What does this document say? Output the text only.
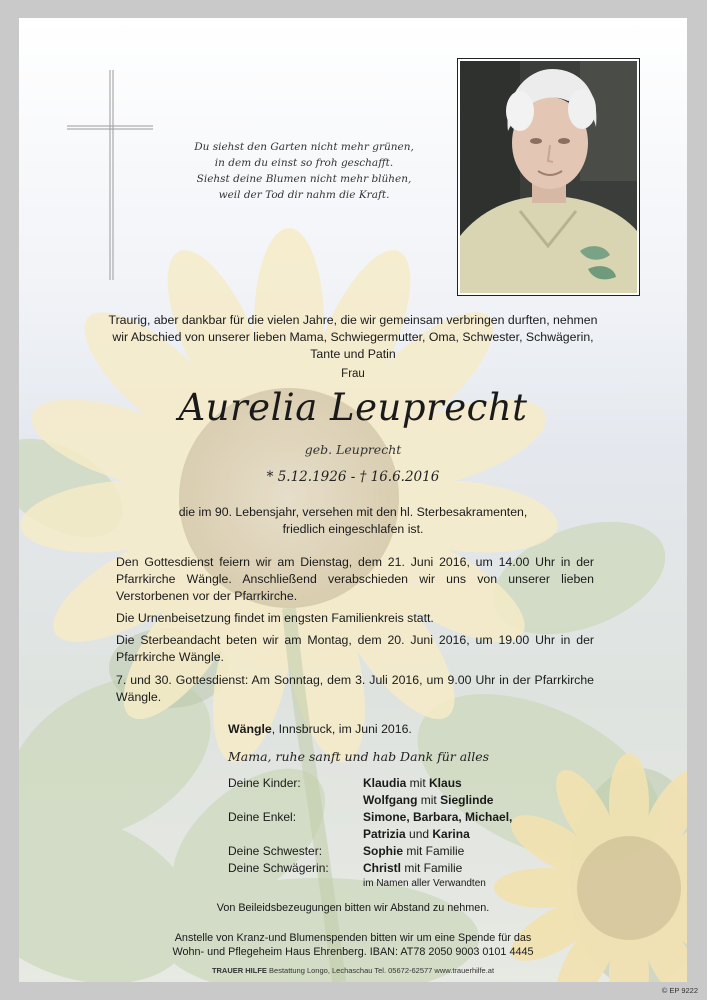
Du siehst den Garten nicht mehr grünen,
in dem du einst so froh geschafft.
Siehst deine Blumen nicht mehr blühen,
weil der Tod dir nahm die Kraft.
Traurig, aber dankbar für die vielen Jahre, die wir gemeinsam verbringen durften, nehmen wir Abschied von unserer lieben Mama, Schwiegermutter, Oma, Schwester, Schwägerin, Tante und Patin
Frau
Aurelia Leuprecht
geb. Leuprecht
* 5.12.1926 - † 16.6.2016
die im 90. Lebensjahr, versehen mit den hl. Sterbesakramenten,
friedlich eingeschlafen ist.
Den Gottesdienst feiern wir am Dienstag, dem 21. Juni 2016, um 14.00 Uhr in der Pfarrkirche Wängle. Anschließend verabschieden wir uns von unserer lieben Verstorbenen vor der Pfarrkirche.
Die Urnenbeisetzung findet im engsten Familienkreis statt.
Die Sterbeandacht beten wir am Montag, dem 20. Juni 2016, um 19.00 Uhr in der Pfarrkirche Wängle.
7. und 30. Gottesdienst: Am Sonntag, dem 3. Juli 2016, um 9.00 Uhr in der Pfarrkirche Wängle.
Wängle, Innsbruck, im Juni 2016.
Mama, ruhe sanft und hab Dank für alles
Deine Kinder:	Klaudia mit Klaus
Wolfgang mit Sieglinde
Deine Enkel:	Simone, Barbara, Michael,
Patrizia und Karina
Deine Schwester:	Sophie mit Familie
Deine Schwägerin:	Christl mit Familie
im Namen aller Verwandten
Von Beileidsbezeugungen bitten wir Abstand zu nehmen.
Anstelle von Kranz-und Blumenspenden bitten wir um eine Spende für das
Wohn- und Pflegeheim Haus Ehrenberg. IBAN: AT78 2050 9003 0101 4445
TRAUER HILFE Bestattung Longo, Lechaschau Tel. 05672-62577 www.trauerhilfe.at
© EP 9222
